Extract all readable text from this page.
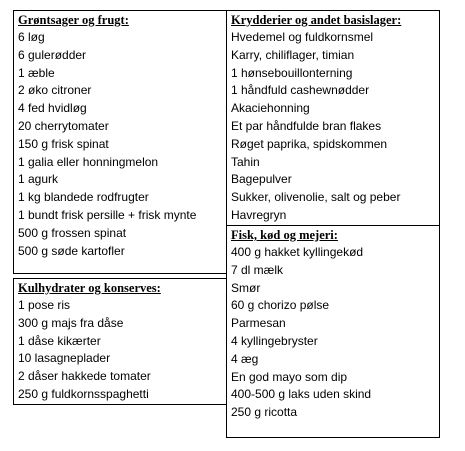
Grøntsager og frugt:
6 løg
6 gulerødder
1 æble
2 øko citroner
4 fed hvidløg
20 cherrytomater
150 g frisk spinat
1 galia eller honningmelon
1 agurk
1 kg blandede rodfrugter
1 bundt frisk persille + frisk mynte
500 g frossen spinat
500 g søde kartofler
Krydderier og andet basislager:
Hvedemel og fuldkornsmel
Karry, chiliflager, timian
1 hønsebouillonterning
1 håndfuld cashewnødder
Akaciehonning
Et par håndfulde bran flakes
Røget paprika, spidskommen
Tahin
Bagepulver
Sukker, olivenolie, salt og peber
Havregryn
Kulhydrater og konserves:
1 pose ris
300 g majs fra dåse
1 dåse kikærter
10 lasagneplader
2 dåser hakkede tomater
250 g fuldkornsspaghetti
Fisk, kød og mejeri:
400 g hakket kyllingekød
7 dl mælk
Smør
60 g chorizo pølse
Parmesan
4 kyllingebryster
4 æg
En god mayo som dip
400-500 g laks uden skind
250 g ricotta
